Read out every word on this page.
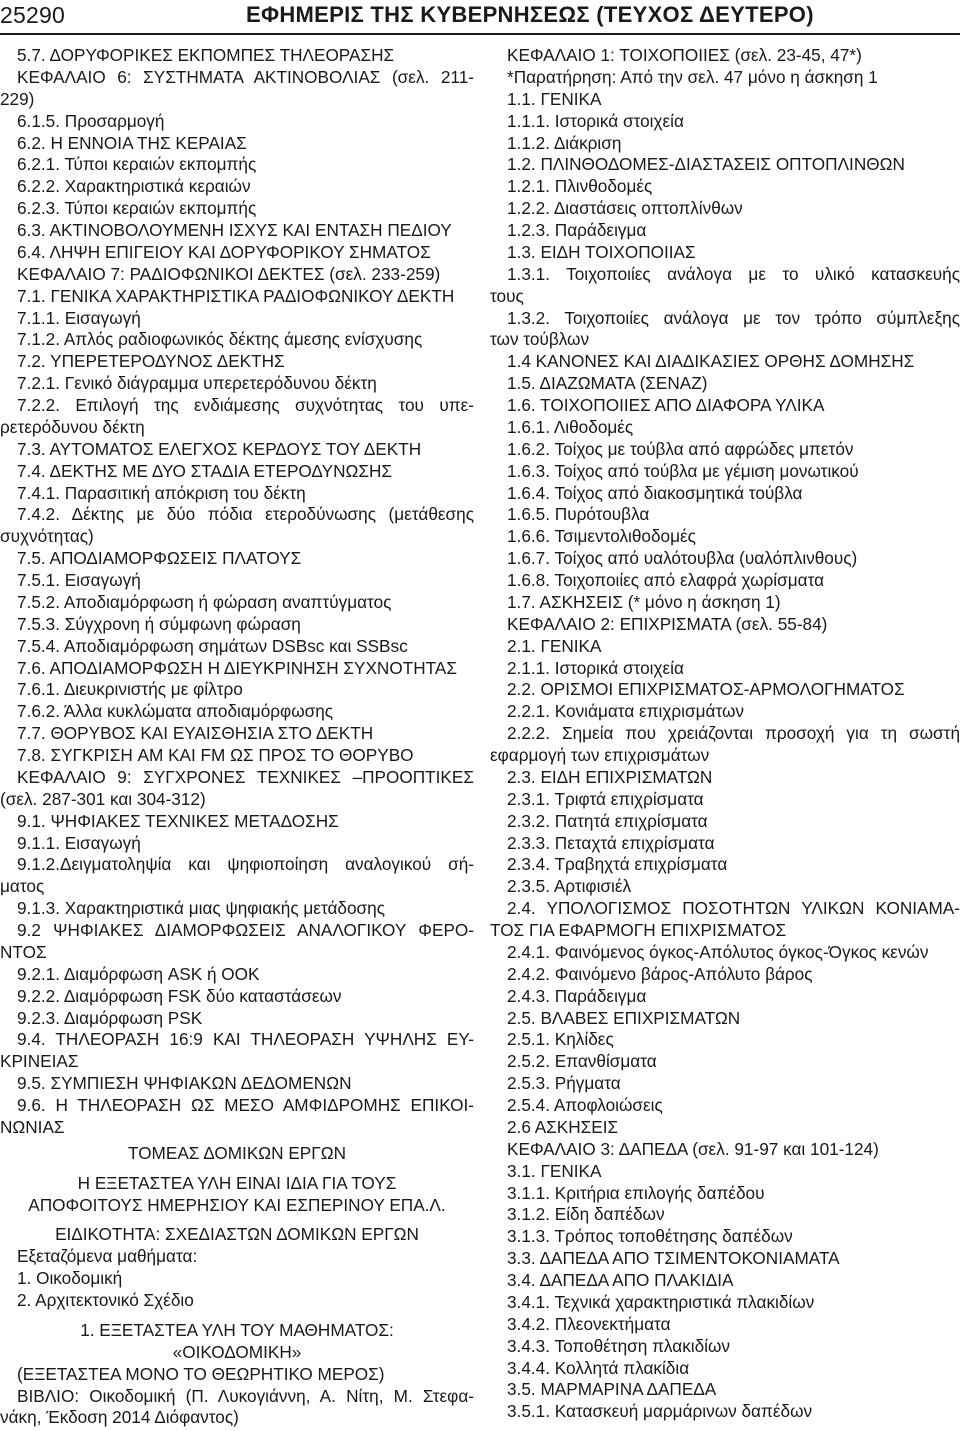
25290	ΕΦΗΜΕΡΙΣ ΤΗΣ ΚΥΒΕΡΝΗΣΕΩΣ (ΤΕΥΧΟΣ ΔΕΥΤΕΡΟ)
5.7. ΔΟΡΥΦΟΡΙΚΕΣ ΕΚΠΟΜΠΕΣ ΤΗΛΕΟΡΑΣΗΣ
ΚΕΦΑΛΑΙΟ 6: ΣΥΣΤΗΜΑΤΑ ΑΚΤΙΝΟΒΟΛΙΑΣ (σελ. 211-
229)
6.1.5. Προσαρμογή
6.2. Η ΕΝΝΟΙΑ ΤΗΣ ΚΕΡΑΙΑΣ
6.2.1. Τύποι κεραιών εκπομπής
6.2.2. Χαρακτηριστικά κεραιών
6.2.3. Τύποι κεραιών εκπομπής
6.3. ΑΚΤΙΝΟΒΟΛΟΥΜΕΝΗ ΙΣΧΥΣ ΚΑΙ ΕΝΤΑΣΗ ΠΕΔΙΟΥ
6.4. ΛΗΨΗ ΕΠΙΓΕΙΟΥ ΚΑΙ ΔΟΡΥΦΟΡΙΚΟΥ ΣΗΜΑΤΟΣ
ΚΕΦΑΛΑΙΟ 7: ΡΑΔΙΟΦΩΝΙΚΟΙ ΔΕΚΤΕΣ (σελ. 233-259)
7.1. ΓΕΝΙΚΑ ΧΑΡΑΚΤΗΡΙΣΤΙΚΑ ΡΑΔΙΟΦΩΝΙΚΟΥ ΔΕΚΤΗ
7.1.1. Εισαγωγή
7.1.2. Απλός ραδιοφωνικός δέκτης άμεσης ενίσχυσης
7.2. ΥΠΕΡΕΤΕΡΟΔΥΝΟΣ ΔΕΚΤΗΣ
7.2.1. Γενικό διάγραμμα υπερετερόδυνου δέκτη
7.2.2. Επιλογή της ενδιάμεσης συχνότητας του υπε-
ρετερόδυνου δέκτη
7.3. ΑΥΤΟΜΑΤΟΣ ΕΛΕΓΧΟΣ ΚΕΡΔΟΥΣ ΤΟΥ ΔΕΚΤΗ
7.4. ΔΕΚΤΗΣ ΜΕ ΔΥΟ ΣΤΑΔΙΑ ΕΤΕΡΟΔΥΝΩΣΗΣ
7.4.1. Παρασιτική απόκριση του δέκτη
7.4.2. Δέκτης με δύο πόδια ετεροδύνωσης (μετάθεσης
συχνότητας)
7.5. ΑΠΟΔΙΑΜΟΡΦΩΣΕΙΣ ΠΛΑΤΟΥΣ
7.5.1. Εισαγωγή
7.5.2. Αποδιαμόρφωση ή φώραση αναπτύγματος
7.5.3. Σύγχρονη ή σύμφωνη φώραση
7.5.4. Αποδιαμόρφωση σημάτων DSBsc και SSBsc
7.6. ΑΠΟΔΙΑΜΟΡΦΩΣΗ Η ΔΙΕΥΚΡΙΝΗΣΗ ΣΥΧΝΟΤΗΤΑΣ
7.6.1. Διευκρινιστής με φίλτρο
7.6.2. Άλλα κυκλώματα αποδιαμόρφωσης
7.7. ΘΟΡΥΒΟΣ ΚΑΙ ΕΥΑΙΣΘΗΣΙΑ ΣΤΟ ΔΕΚΤΗ
7.8. ΣΥΓΚΡΙΣΗ AM ΚΑΙ FM ΩΣ ΠΡΟΣ ΤΟ ΘΟΡΥΒΟ
ΚΕΦΑΛΑΙΟ 9: ΣΥΓΧΡΟΝΕΣ ΤΕΧΝΙΚΕΣ –ΠΡΟΟΠΤΙΚΕΣ
(σελ. 287-301 και 304-312)
9.1. ΨΗΦΙΑΚΕΣ ΤΕΧΝΙΚΕΣ ΜΕΤΑΔΟΣΗΣ
9.1.1. Εισαγωγή
9.1.2.Δειγματοληψία και ψηφιοποίηση αναλογικού σή-
ματος
9.1.3. Χαρακτηριστικά μιας ψηφιακής μετάδοσης
9.2 ΨΗΦΙΑΚΕΣ ΔΙΑΜΟΡΦΩΣΕΙΣ ΑΝΑΛΟΓΙΚΟΥ ΦΕΡΟ-
ΝΤΟΣ
9.2.1. Διαμόρφωση ASK ή OOK
9.2.2. Διαμόρφωση FSK δύο καταστάσεων
9.2.3. Διαμόρφωση PSK
9.4. ΤΗΛΕΟΡΑΣΗ 16:9 ΚΑΙ ΤΗΛΕΟΡΑΣΗ ΥΨΗΛΗΣ ΕΥ-
ΚΡΙΝΕΙΑΣ
9.5. ΣΥΜΠΙΕΣΗ ΨΗΦΙΑΚΩΝ ΔΕΔΟΜΕΝΩΝ
9.6. Η ΤΗΛΕΟΡΑΣΗ ΩΣ ΜΕΣΟ ΑΜΦΙΔΡΟΜΗΣ ΕΠΙΚΟΙ-
ΝΩΝΙΑΣ
ΤΟΜΕΑΣ ΔΟΜΙΚΩΝ ΕΡΓΩΝ
Η ΕΞΕΤΑΣΤΕΑ ΥΛΗ ΕΙΝΑΙ ΙΔΙΑ ΓΙΑ ΤΟΥΣ
ΑΠΟΦΟΙΤΟΥΣ ΗΜΕΡΗΣΙΟΥ ΚΑΙ ΕΣΠΕΡΙΝΟΥ ΕΠΑ.Λ.
ΕΙΔΙΚΟΤΗΤΑ: ΣΧΕΔΙΑΣΤΩΝ ΔΟΜΙΚΩΝ ΕΡΓΩΝ
Εξεταζόμενα μαθήματα:
1. Οικοδομική
2. Αρχιτεκτονικό Σχέδιο
1. ΕΞΕΤΑΣΤΕΑ ΥΛΗ ΤΟΥ ΜΑΘΗΜΑΤΟΣ:
«ΟΙΚΟΔΟΜΙΚΗ»
(ΕΞΕΤΑΣΤΕΑ ΜΟΝΟ ΤΟ ΘΕΩΡΗΤΙΚΟ ΜΕΡΟΣ)
ΒΙΒΛΙΟ: Οικοδομική (Π. Λυκογιάννη, Α. Νίτη, Μ. Στεφα-
νάκη, Έκδοση 2014 Διόφαντος)
ΚΕΦΑΛΑΙΟ 1: ΤΟΙΧΟΠΟΙΙΕΣ (σελ. 23-45, 47*)
*Παρατήρηση: Από την σελ. 47 μόνο η άσκηση 1
1.1. ΓΕΝΙΚΑ
1.1.1. Ιστορικά στοιχεία
1.1.2. Διάκριση
1.2. ΠΛΙΝΘΟΔΟΜΕΣ-ΔΙΑΣΤΑΣΕΙΣ ΟΠΤΟΠΛΙΝΘΩΝ
1.2.1. Πλινθοδομές
1.2.2. Διαστάσεις οπτοπλίνθων
1.2.3. Παράδειγμα
1.3. ΕΙΔΗ ΤΟΙΧΟΠΟΙΙΑΣ
1.3.1. Τοιχοποιίες ανάλογα με το υλικό κατασκευής
τους
1.3.2. Τοιχοποιίες ανάλογα με τον τρόπο σύμπλεξης
των τούβλων
1.4 ΚΑΝΟΝΕΣ ΚΑΙ ΔΙΑΔΙΚΑΣΙΕΣ ΟΡΘΗΣ ΔΟΜΗΣΗΣ
1.5. ΔΙΑΖΩΜΑΤΑ (ΣΕΝΑΖ)
1.6. ΤΟΙΧΟΠΟΙΙΕΣ ΑΠΟ ΔΙΑΦΟΡΑ ΥΛΙΚΑ
1.6.1. Λιθοδομές
1.6.2. Τοίχος με τούβλα από αφρώδες μπετόν
1.6.3. Τοίχος από τούβλα με γέμιση μονωτικού
1.6.4. Τοίχος από διακοσμητικά τούβλα
1.6.5. Πυρότουβλα
1.6.6. Τσιμεντολιθοδομές
1.6.7. Τοίχος από υαλότουβλα (υαλόπλινθους)
1.6.8. Τοιχοποιίες από ελαφρά χωρίσματα
1.7. ΑΣΚΗΣΕΙΣ (* μόνο η άσκηση 1)
ΚΕΦΑΛΑΙΟ 2: ΕΠΙΧΡΙΣΜΑΤΑ (σελ. 55-84)
2.1. ΓΕΝΙΚΑ
2.1.1. Ιστορικά στοιχεία
2.2. ΟΡΙΣΜΟΙ ΕΠΙΧΡΙΣΜΑΤΟΣ-ΑΡΜΟΛΟΓΗΜΑΤΟΣ
2.2.1. Κονιάματα επιχρισμάτων
2.2.2. Σημεία που χρειάζονται προσοχή για τη σωστή
εφαρμογή των επιχρισμάτων
2.3. ΕΙΔΗ ΕΠΙΧΡΙΣΜΑΤΩΝ
2.3.1. Τριφτά επιχρίσματα
2.3.2. Πατητά επιχρίσματα
2.3.3. Πεταχτά επιχρίσματα
2.3.4. Τραβηχτά επιχρίσματα
2.3.5. Αρτιφισιέλ
2.4. ΥΠΟΛΟΓΙΣΜΟΣ ΠΟΣΟΤΗΤΩΝ ΥΛΙΚΩΝ ΚΟΝΙΑΜΑ-
ΤΟΣ ΓΙΑ ΕΦΑΡΜΟΓΗ ΕΠΙΧΡΙΣΜΑΤΟΣ
2.4.1. Φαινόμενος όγκος-Απόλυτος όγκος-Όγκος κενών
2.4.2. Φαινόμενο βάρος-Απόλυτο βάρος
2.4.3. Παράδειγμα
2.5. ΒΛΑΒΕΣ ΕΠΙΧΡΙΣΜΑΤΩΝ
2.5.1. Κηλίδες
2.5.2. Επανθίσματα
2.5.3. Ρήγματα
2.5.4. Αποφλοιώσεις
2.6 ΑΣΚΗΣΕΙΣ
ΚΕΦΑΛΑΙΟ 3: ΔΑΠΕΔΑ (σελ. 91-97 και 101-124)
3.1. ΓΕΝΙΚΑ
3.1.1. Κριτήρια επιλογής δαπέδου
3.1.2. Είδη δαπέδων
3.1.3. Τρόπος τοποθέτησης δαπέδων
3.3. ΔΑΠΕΔΑ ΑΠΟ ΤΣΙΜΕΝΤΟΚΟΝΙΑΜΑΤΑ
3.4. ΔΑΠΕΔΑ ΑΠΟ ΠΛΑΚΙΔΙΑ
3.4.1. Τεχνικά χαρακτηριστικά πλακιδίων
3.4.2. Πλεονεκτήματα
3.4.3. Τοποθέτηση πλακιδίων
3.4.4. Κολλητά πλακίδια
3.5. ΜΑΡΜΑΡΙΝΑ ΔΑΠΕΔΑ
3.5.1. Κατασκευή μαρμάρινων δαπέδων
